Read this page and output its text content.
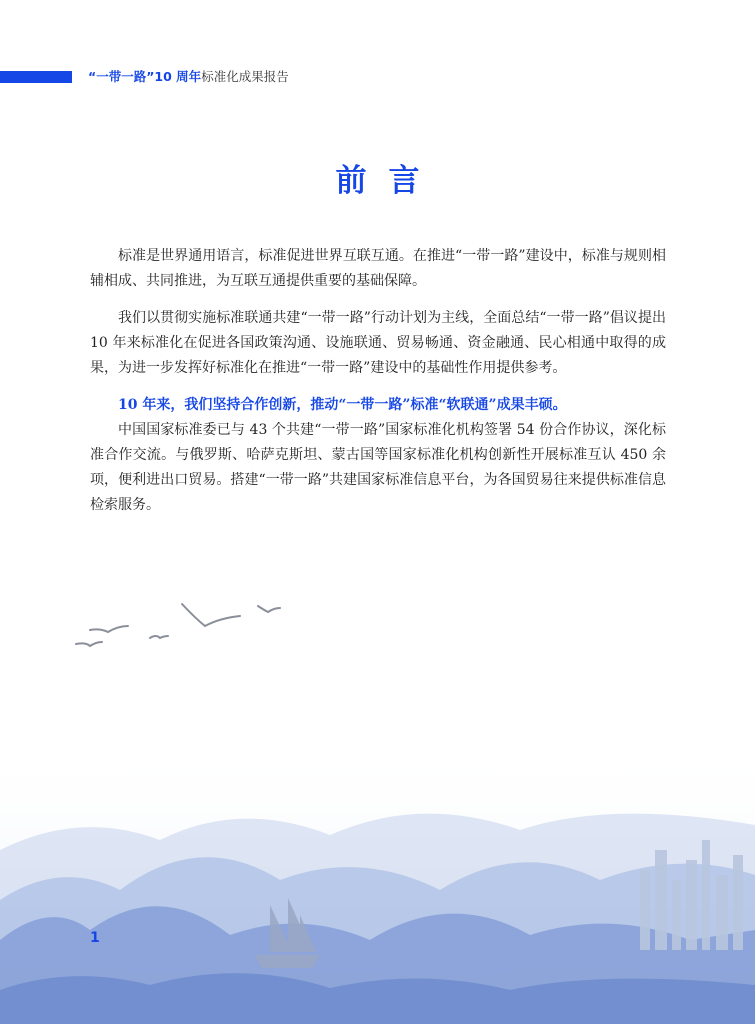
“一带一路”10 周年标准化成果报告
前言

标准是世界通用语言，标准促进世界互联互通。在推进“一带一路”建设中，标准与规则相辅相成、共同推进，为互联互通提供重要的基础保障。

我们以贯彻实施标准联通共建“一带一路”行动计划为主线，全面总结“一带一路”倡议提出 10 年来标准化在促进各国政策沟通、设施联通、贸易畅通、资金融通、民心相通中取得的成果，为进一步发挥好标准化在推进“一带一路”建设中的基础性作用提供参考。

10 年来，我们坚持合作创新，推动“一带一路”标准“软联通”成果丰硕。

中国国家标准委已与 43 个共建“一带一路”国家标准化机构签署 54 份合作协议，深化标准合作交流。与俄罗斯、哈萨克斯坦、蒙古国等国家标准化机构创新性开展标准互认 450 余项，便利进出口贸易。搭建“一带一路”共建国家标准信息平台，为各国贸易往来提供标准信息检索服务。

1
